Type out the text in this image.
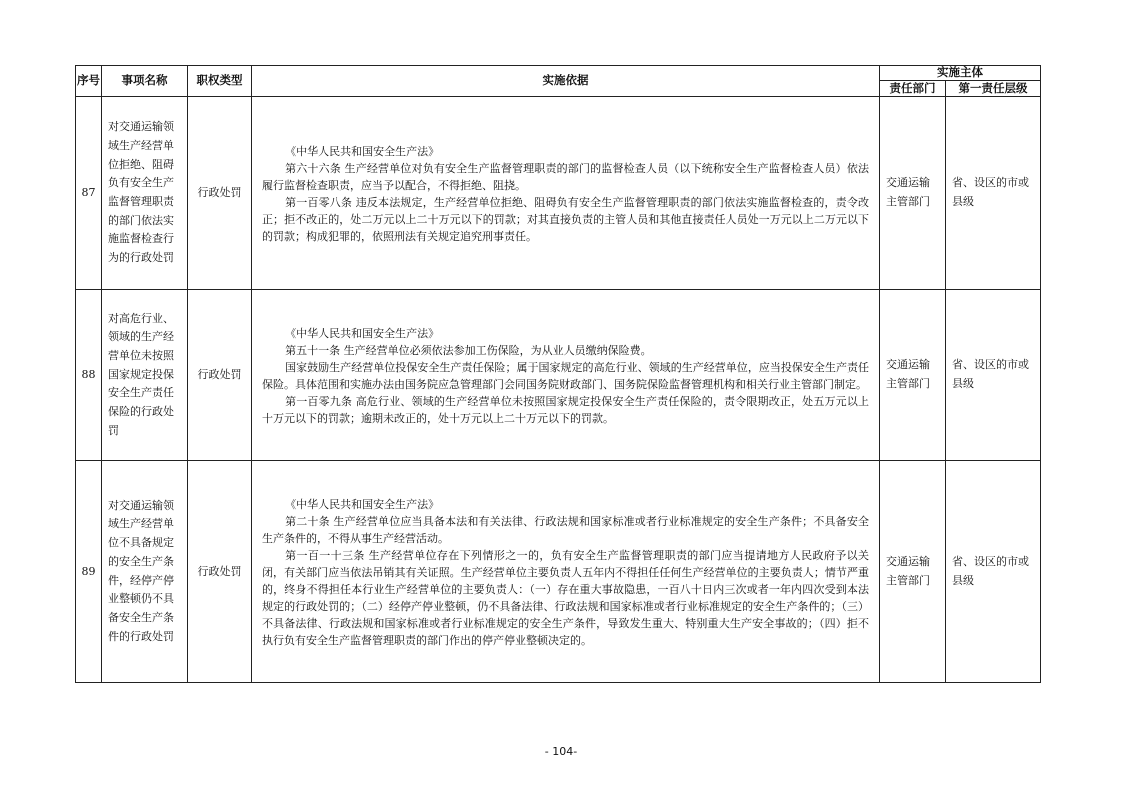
序号	事项名称	职权类型	实施依据	实施主体	
				责任部门	第一责任层级
87	对交通运输领域生产经营单位拒绝、阻碍负有安全生产监督管理职责的部门依法实施监督检查行为的行政处罚	行政处罚	《中华人民共和国安全生产法》

第六十六条 生产经营单位对负有安全生产监督管理职责的部门的监督检查人员（以下统称安全生产监督检查人员）依法履行监督检查职责，应当予以配合，不得拒绝、阻挠。

第一百零八条 违反本法规定，生产经营单位拒绝、阻碍负有安全生产监督管理职责的部门依法实施监督检查的，责令改正；拒不改正的，处二万元以上二十万元以下的罚款；对其直接负责的主管人员和其他直接责任人员处一万元以上二万元以下的罚款；构成犯罪的，依照刑法有关规定追究刑事责任。	交通运输主管部门	省、设区的市或县级
88	对高危行业、领域的生产经营单位未按照国家规定投保安全生产责任保险的行政处罚	行政处罚	《中华人民共和国安全生产法》

第五十一条 生产经营单位必须依法参加工伤保险，为从业人员缴纳保险费。

国家鼓励生产经营单位投保安全生产责任保险；属于国家规定的高危行业、领域的生产经营单位，应当投保安全生产责任保险。具体范围和实施办法由国务院应急管理部门会同国务院财政部门、国务院保险监督管理机构和相关行业主管部门制定。

第一百零九条 高危行业、领域的生产经营单位未按照国家规定投保安全生产责任保险的，责令限期改正，处五万元以上十万元以下的罚款；逾期未改正的，处十万元以上二十万元以下的罚款。	交通运输主管部门	省、设区的市或县级
89	对交通运输领域生产经营单位不具备规定的安全生产条件，经停产停业整顿仍不具备安全生产条件的行政处罚	行政处罚	《中华人民共和国安全生产法》

第二十条 生产经营单位应当具备本法和有关法律、行政法规和国家标准或者行业标准规定的安全生产条件；不具备安全生产条件的，不得从事生产经营活动。

第一百一十三条 生产经营单位存在下列情形之一的，负有安全生产监督管理职责的部门应当提请地方人民政府予以关闭，有关部门应当依法吊销其有关证照。生产经营单位主要负责人五年内不得担任任何生产经营单位的主要负责人；情节严重的，终身不得担任本行业生产经营单位的主要负责人：（一）存在重大事故隐患，一百八十日内三次或者一年内四次受到本法规定的行政处罚的；（二）经停产停业整顿，仍不具备法律、行政法规和国家标准或者行业标准规定的安全生产条件的；（三）不具备法律、行政法规和国家标准或者行业标准规定的安全生产条件，导致发生重大、特别重大生产安全事故的；（四）拒不执行负有安全生产监督管理职责的部门作出的停产停业整顿决定的。	交通运输主管部门	省、设区的市或县级
- 104-
